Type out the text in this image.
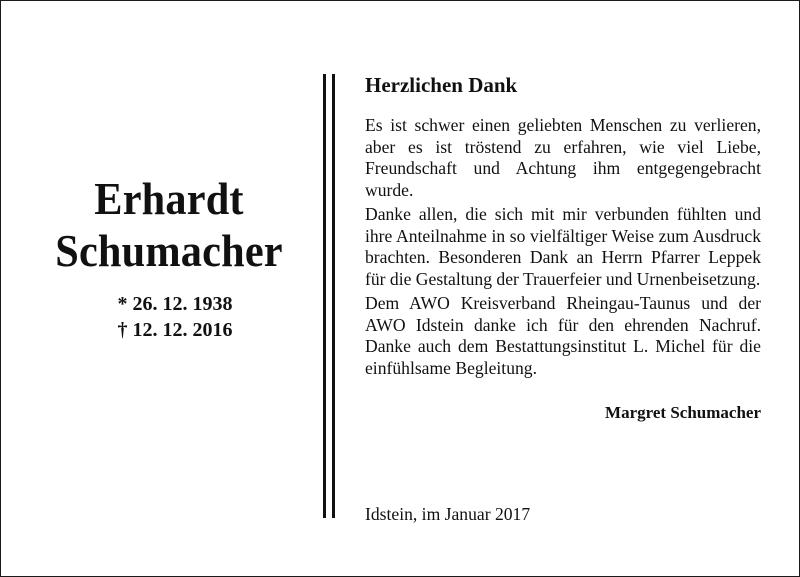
Erhardt
Schumacher
* 26. 12. 1938
† 12. 12. 2016
Herzlichen Dank

Es ist schwer einen geliebten Menschen zu verlieren, aber es ist tröstend zu erfahren, wie viel Liebe, Freundschaft und Achtung ihm entgegengebracht wurde.

Danke allen, die sich mit mir verbunden fühlten und ihre Anteilnahme in so vielfältiger Weise zum Ausdruck brachten. Besonderen Dank an Herrn Pfarrer Leppek für die Gestaltung der Trauerfeier und Urnenbeisetzung.

Dem AWO Kreisverband Rheingau-Taunus und der AWO Idstein danke ich für den ehrenden Nachruf. Danke auch dem Bestattungsinstitut L. Michel für die einfühlsame Begleitung.

Margret Schumacher
Idstein, im Januar 2017
